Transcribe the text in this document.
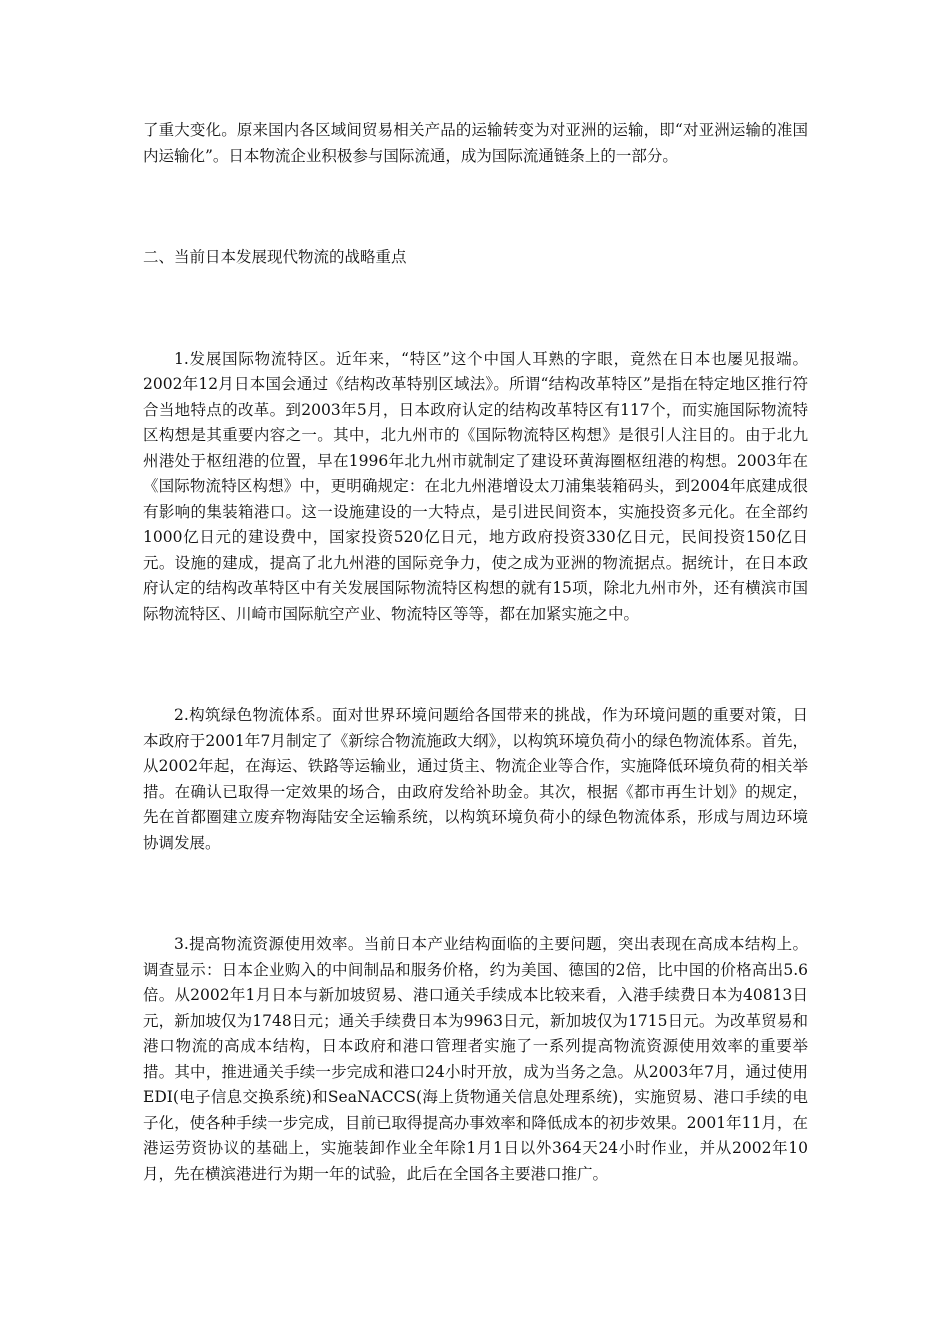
了重大变化。原来国内各区域间贸易相关产品的运输转变为对亚洲的运输，即“对亚洲运输的准国内运输化”。日本物流企业积极参与国际流通，成为国际流通链条上的一部分。

二、当前日本发展现代物流的战略重点

1.发展国际物流特区。近年来，“特区”这个中国人耳熟的字眼，竟然在日本也屡见报端。2002年12月日本国会通过《结构改革特别区域法》。所谓“结构改革特区”是指在特定地区推行符合当地特点的改革。到2003年5月，日本政府认定的结构改革特区有117个，而实施国际物流特区构想是其重要内容之一。其中，北九州市的《国际物流特区构想》是很引人注目的。由于北九州港处于枢纽港的位置，早在1996年北九州市就制定了建设环黄海圈枢纽港的构想。2003年在《国际物流特区构想》中，更明确规定：在北九州港增设太刀浦集装箱码头，到2004年底建成很有影响的集装箱港口。这一设施建设的一大特点，是引进民间资本，实施投资多元化。在全部约1000亿日元的建设费中，国家投资520亿日元，地方政府投资330亿日元，民间投资150亿日元。设施的建成，提高了北九州港的国际竞争力，使之成为亚洲的物流据点。据统计，在日本政府认定的结构改革特区中有关发展国际物流特区构想的就有15项，除北九州市外，还有横滨市国际物流特区、川崎市国际航空产业、物流特区等等，都在加紧实施之中。

2.构筑绿色物流体系。面对世界环境问题给各国带来的挑战，作为环境问题的重要对策，日本政府于2001年7月制定了《新综合物流施政大纲》，以构筑环境负荷小的绿色物流体系。首先，从2002年起，在海运、铁路等运输业，通过货主、物流企业等合作，实施降低环境负荷的相关举措。在确认已取得一定效果的场合，由政府发给补助金。其次，根据《都市再生计划》的规定，先在首都圈建立废弃物海陆安全运输系统，以构筑环境负荷小的绿色物流体系，形成与周边环境协调发展。

3.提高物流资源使用效率。当前日本产业结构面临的主要问题，突出表现在高成本结构上。调查显示：日本企业购入的中间制品和服务价格，约为美国、德国的2倍，比中国的价格高出5.6倍。从2002年1月日本与新加坡贸易、港口通关手续成本比较来看，入港手续费日本为40813日元，新加坡仅为1748日元；通关手续费日本为9963日元，新加坡仅为1715日元。为改革贸易和港口物流的高成本结构，日本政府和港口管理者实施了一系列提高物流资源使用效率的重要举措。其中，推进通关手续一步完成和港口24小时开放，成为当务之急。从2003年7月，通过使用EDI(电子信息交换系统)和SeaNACCS(海上货物通关信息处理系统)，实施贸易、港口手续的电子化，使各种手续一步完成，目前已取得提高办事效率和降低成本的初步效果。2001年11月，在港运劳资协议的基础上，实施装卸作业全年除1月1日以外364天24小时作业，并从2002年10月，先在横滨港进行为期一年的试验，此后在全国各主要港口推广。
